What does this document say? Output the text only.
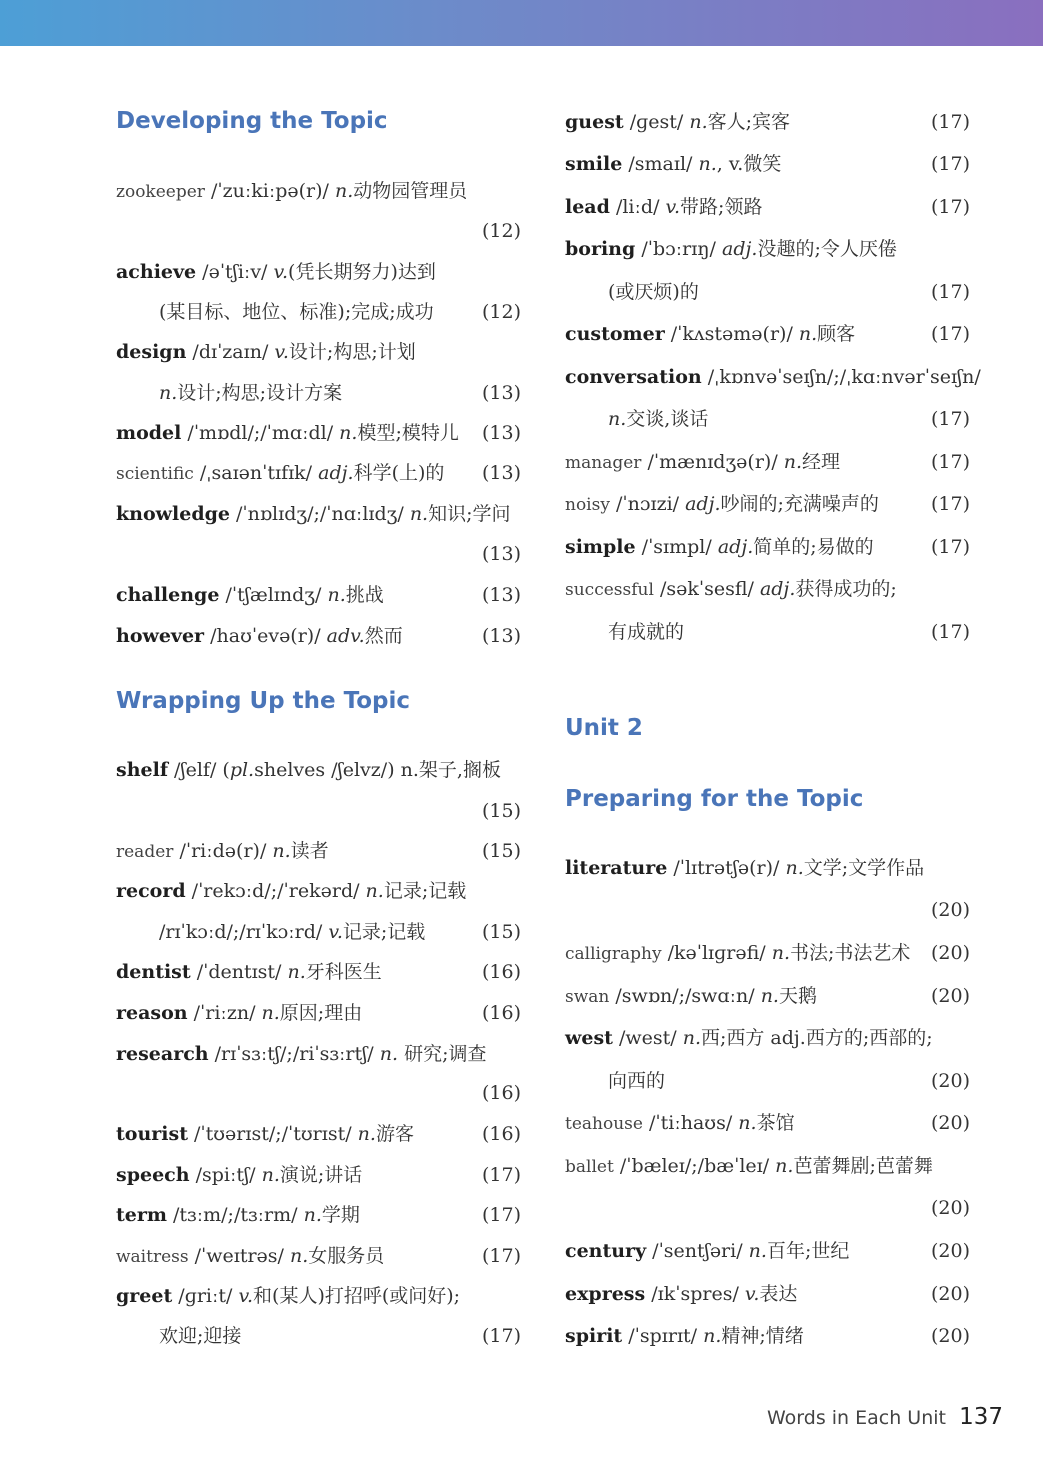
Developing the Topic
Wrapping Up the Topic
zookeeper /ˈzuːkiːpə(r)/ n.动物园管理员
(12)
achieve /əˈtʃiːv/ v.(凭长期努力)达到
(某目标、地位、标准);完成;成功	(12)
design /dɪˈzaɪn/ v.设计;构思;计划
n.设计;构思;设计方案	(13)
model /ˈmɒdl/;/ˈmɑːdl/ n.模型;模特儿 (13)
scientific /ˌsaɪənˈtɪfɪk/ adj.科学(上)的 (13)
knowledge /ˈnɒlɪdʒ/;/ˈnɑːlɪdʒ/ n.知识;学问
(13)
challenge /ˈtʃælɪndʒ/ n.挑战	(13)
however /haʊˈevə(r)/ adv.然而	(13)
shelf /ʃelf/ (pl.shelves /ʃelvz/) n.架子,搁板
(15)
reader /ˈriːdə(r)/ n.读者	(15)
record /ˈrekɔːd/;/ˈrekərd/ n.记录;记载
/rɪˈkɔːd/;/rɪˈkɔːrd/ v.记录;记载	(15)
dentist /ˈdentɪst/ n.牙科医生	(16)
reason /ˈriːzn/ n.原因;理由	(16)
research /rɪˈsɜːtʃ/;/riˈsɜːrtʃ/ n. 研究;调查
(16)
tourist /ˈtʊərɪst/;/ˈtʊrɪst/ n.游客	(16)
speech /spiːtʃ/ n.演说;讲话	(17)
term /tɜːm/;/tɜːrm/ n.学期	(17)
waitress /ˈweɪtrəs/ n.女服务员	(17)
greet /ɡriːt/ v.和(某人)打招呼(或问好);
欢迎;迎接	(17)
Unit 2
Preparing for the Topic
guest /ɡest/ n.客人;宾客	(17)
smile /smaɪl/ n., v.微笑	(17)
lead /liːd/ v.带路;领路	(17)
boring /ˈbɔːrɪŋ/ adj.没趣的;令人厌倦
(或厌烦)的	(17)
customer /ˈkʌstəmə(r)/ n.顾客	(17)
conversation /ˌkɒnvəˈseɪʃn/;/ˌkɑːnvərˈseɪʃn/
n.交谈,谈话	(17)
manager /ˈmænɪdʒə(r)/ n.经理	(17)
noisy /ˈnɔɪzi/ adj.吵闹的;充满噪声的	(17)
simple /ˈsɪmpl/ adj.简单的;易做的	(17)
successful /səkˈsesfl/ adj.获得成功的;
有成就的	(17)
literature /ˈlɪtrətʃə(r)/ n.文学;文学作品
(20)
calligraphy /kəˈlɪɡrəfi/ n.书法;书法艺术 (20)
swan /swɒn/;/swɑːn/ n.天鹅	(20)
west /west/ n.西;西方 adj.西方的;西部的;
向西的	(20)
teahouse /ˈtiːhaʊs/ n.茶馆	(20)
ballet /ˈbæleɪ/;/bæˈleɪ/ n.芭蕾舞剧;芭蕾舞
(20)
century /ˈsentʃəri/ n.百年;世纪	(20)
express /ɪkˈspres/ v.表达	(20)
spirit /ˈspɪrɪt/ n.精神;情绪	(20)
Words in Each Unit 137
